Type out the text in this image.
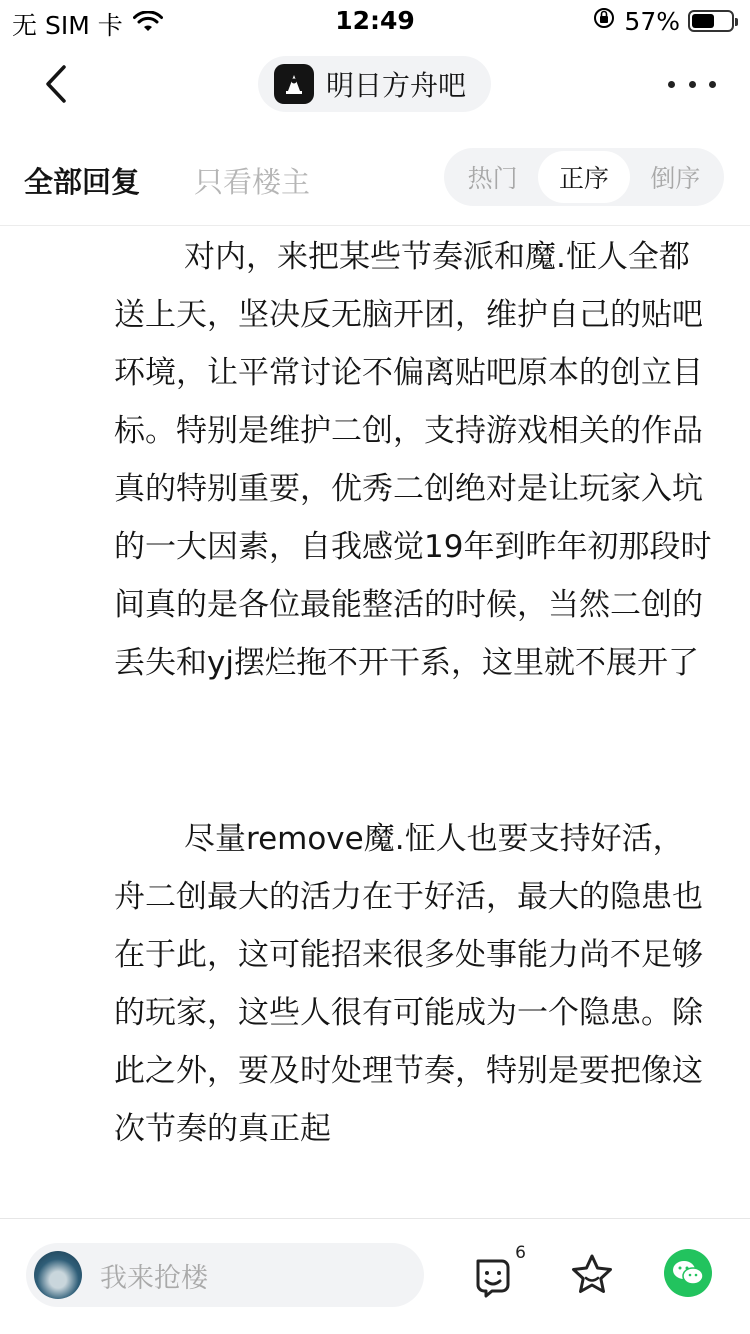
无 SIM 卡	12:49	57%
明日方舟吧
全部回复 只看楼主	热门	正序	倒序

对内，来把某些节奏派和魔.怔人全都送上天，坚决反无脑开团，维护自己的贴吧环境，让平常讨论不偏离贴吧原本的创立目标。特别是维护二创，支持游戏相关的作品真的特别重要，优秀二创绝对是让玩家入坑的一大因素，自我感觉19年到昨年初那段时间真的是各位最能整活的时候，当然二创的丢失和yj摆烂拖不开干系，这里就不展开了

尽量remove魔.怔人也要支持好活，舟二创最大的活力在于好活，最大的隐患也在于此，这可能招来很多处事能力尚不足够的玩家，这些人很有可能成为一个隐患。除此之外，要及时处理节奏，特别是要把像这次节奏的真正起

我来抢楼
6
